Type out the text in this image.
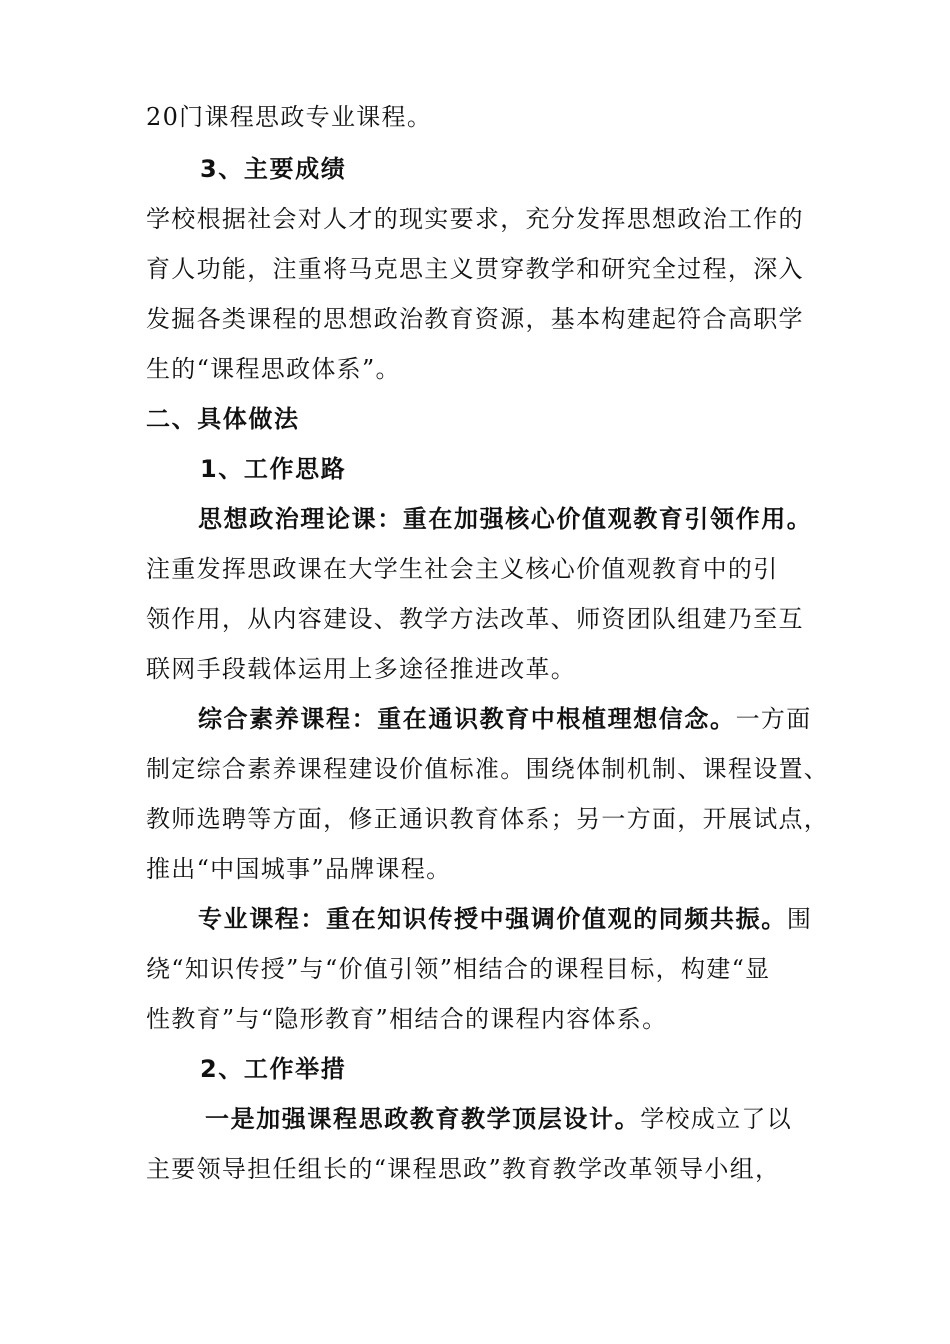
20门课程思政专业课程。
3、主要成绩
学校根据社会对人才的现实要求，充分发挥思想政治工作的
育人功能，注重将马克思主义贯穿教学和研究全过程，深入
发掘各类课程的思想政治教育资源，基本构建起符合高职学
生的“课程思政体系”。
二、具体做法
1、工作思路
思想政治理论课：重在加强核心价值观教育引领作用。
注重发挥思政课在大学生社会主义核心价值观教育中的引
领作用，从内容建设、教学方法改革、师资团队组建乃至互
联网手段载体运用上多途径推进改革。
综合素养课程：重在通识教育中根植理想信念。一方面
制定综合素养课程建设价值标准。围绕体制机制、课程设置、
教师选聘等方面，修正通识教育体系；另一方面，开展试点，
推出“中国城事”品牌课程。
专业课程：重在知识传授中强调价值观的同频共振。围
绕“知识传授”与“价值引领”相结合的课程目标，构建“显
性教育”与“隐形教育”相结合的课程内容体系。
2、工作举措
一是加强课程思政教育教学顶层设计。学校成立了以
主要领导担任组长的“课程思政”教育教学改革领导小组，
